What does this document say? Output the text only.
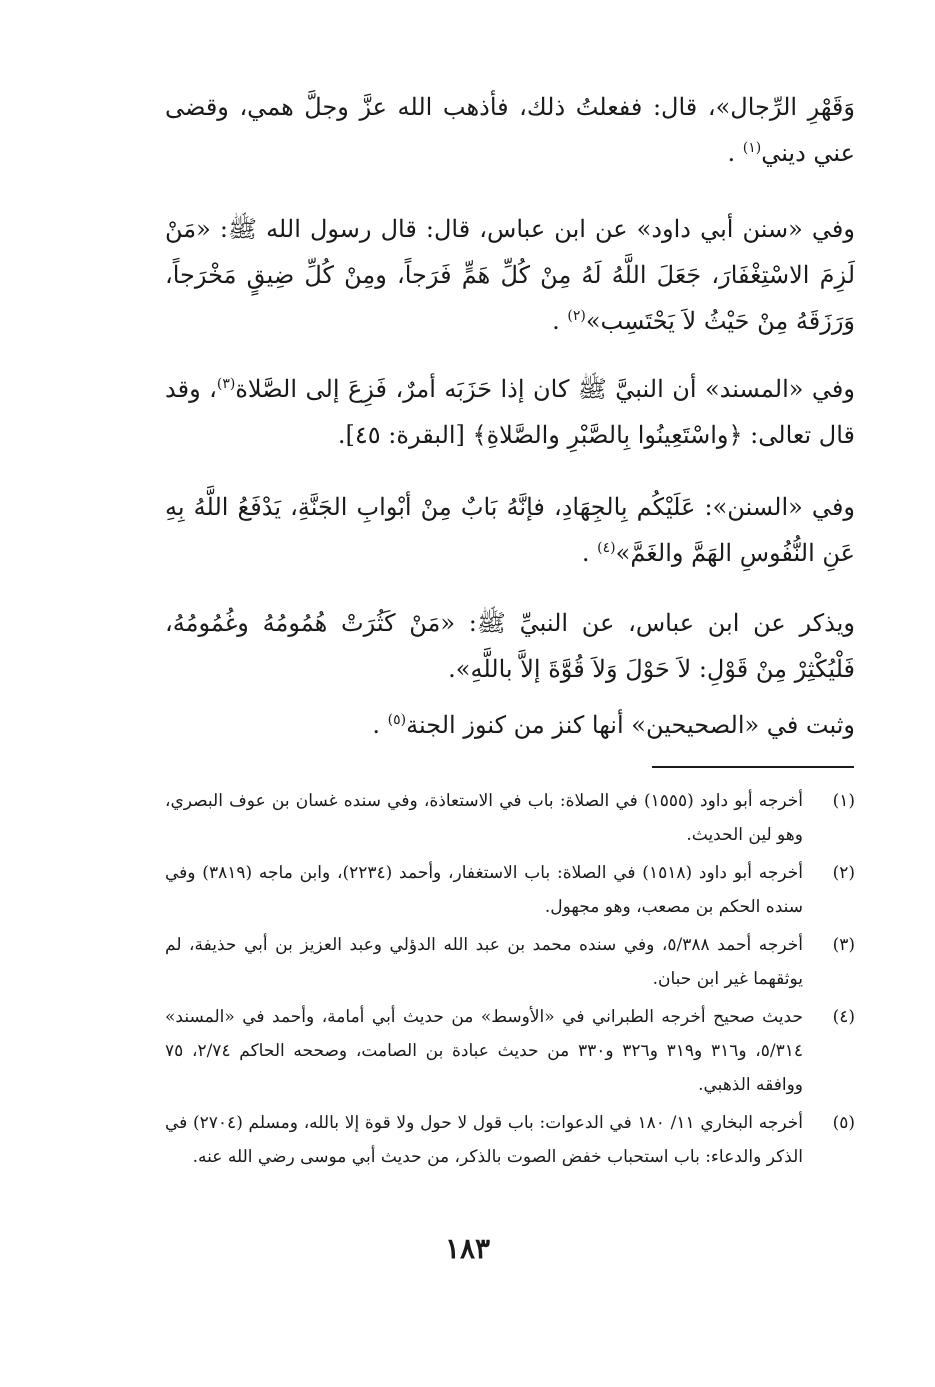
وَقَهْرِ الرِّجال»، قال: ففعلتُ ذلك، فأذهب الله عزَّ وجلَّ همي، وقضى عني ديني$^{(١)}$ .

وفي «سنن أبي داود» عن ابن عباس، قال: قال رسول الله ﷺ: «مَنْ لَزِمَ الاسْتِغْفَارَ، جَعَلَ اللَّهُ لَهُ مِنْ كُلِّ هَمٍّ فَرَجاً، ومِنْ كُلِّ ضِيقٍ مَخْرَجاً، وَرَزَقَهُ مِنْ حَيْثُ لاَ يَحْتَسِب»$^{(٢)}$ .

وفي «المسند» أن النبيَّ ﷺ كان إذا حَزَبَه أمرٌ، فَزِعَ إلى الصَّلاة$^{(٣)}$، وقد قال تعالى: ﴿واسْتَعِينُوا بِالصَّبْرِ والصَّلاةِ﴾ [البقرة: ٤٥].

وفي «السنن»: عَلَيْكُم بِالجِهَادِ، فإنَّهُ بَابٌ مِنْ أبْوابِ الجَنَّةِ، يَدْفَعُ اللَّهُ بِهِ عَنِ النُّفُوسِ الهَمَّ والغَمَّ»$^{(٤)}$ .

ويذكر عن ابن عباس، عن النبيِّ ﷺ: «مَنْ كَثُرَتْ هُمُومُهُ وغُمُومُهُ، فَلْيُكْثِرْ مِنْ قَوْلِ: لاَ حَوْلَ وَلاَ قُوَّةَ إلاَّ باللَّهِ».

وثبت في «الصحيحين» أنها كنز من كنوز الجنة$^{(٥)}$ .

(١)
أخرجه أبو داود (١٥٥٥) في الصلاة: باب في الاستعاذة، وفي سنده غسان بن عوف البصري، وهو لين الحديث.
(٢)
أخرجه أبو داود (١٥١٨) في الصلاة: باب الاستغفار، وأحمد (٢٢٣٤)، وابن ماجه (٣٨١٩) وفي سنده الحكم بن مصعب، وهو مجهول.
(٣)
أخرجه أحمد ٥/٣٨٨، وفي سنده محمد بن عبد الله الدؤلي وعبد العزيز بن أبي حذيفة، لم يوثقهما غير ابن حبان.
(٤)
حديث صحيح أخرجه الطبراني في «الأوسط» من حديث أبي أمامة، وأحمد في «المسند» ٥/٣١٤، و٣١٦ و٣١٩ و٣٢٦ و٣٣٠ من حديث عبادة بن الصامت، وصححه الحاكم ٢/٧٤، ٧٥ ووافقه الذهبي.
(٥)
أخرجه البخاري ١١/ ١٨٠ في الدعوات: باب قول لا حول ولا قوة إلا بالله، ومسلم (٢٧٠٤) في الذكر والدعاء: باب استحباب خفض الصوت بالذكر، من حديث أبي موسى رضي الله عنه.
١٨٣
